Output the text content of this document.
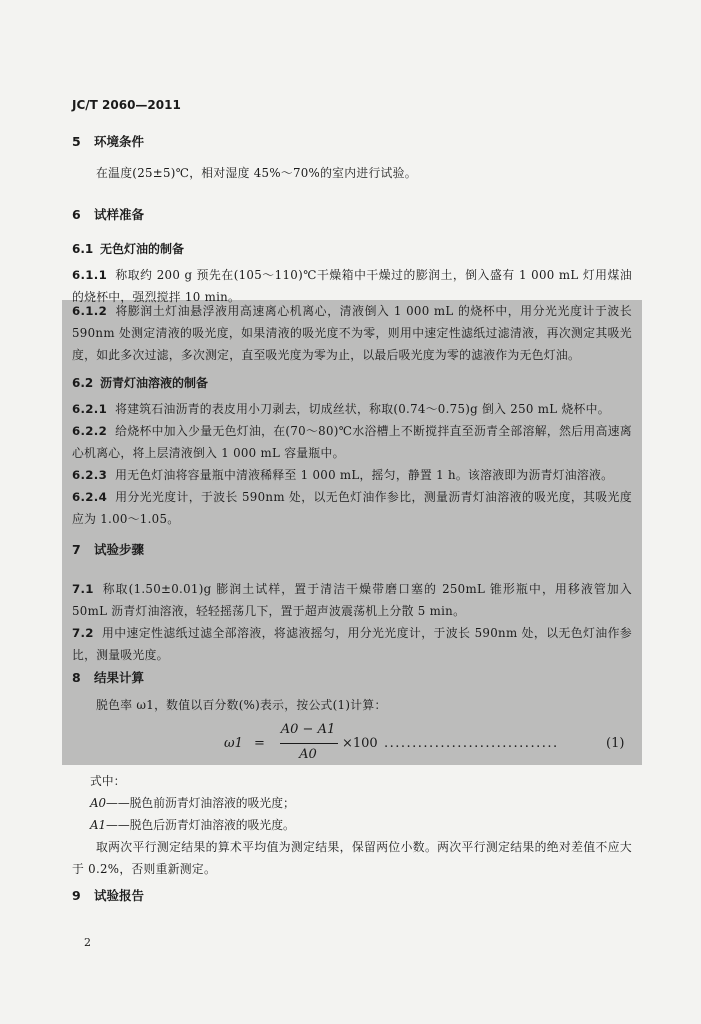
JC/T 2060—2011
5 环境条件
在温度(25±5)℃，相对湿度 45%～70%的室内进行试验。
6 试样准备
6.1 无色灯油的制备
6.1.1 称取约 200 g 预先在(105～110)℃干燥箱中干燥过的膨润土，倒入盛有 1 000 mL 灯用煤油的烧杯中，强烈搅拌 10 min。
6.1.2 将膨润土灯油悬浮液用高速离心机离心，清液倒入 1 000 mL 的烧杯中，用分光光度计于波长 590nm 处测定清液的吸光度，如果清液的吸光度不为零，则用中速定性滤纸过滤清液，再次测定其吸光度，如此多次过滤，多次测定，直至吸光度为零为止，以最后吸光度为零的滤液作为无色灯油。
6.2 沥青灯油溶液的制备
6.2.1 将建筑石油沥青的表皮用小刀剥去，切成丝状，称取(0.74～0.75)g 倒入 250 mL 烧杯中。
6.2.2 给烧杯中加入少量无色灯油，在(70～80)℃水浴槽上不断搅拌直至沥青全部溶解，然后用高速离心机离心，将上层清液倒入 1 000 mL 容量瓶中。
6.2.3 用无色灯油将容量瓶中清液稀释至 1 000 mL，摇匀，静置 1 h。该溶液即为沥青灯油溶液。
6.2.4 用分光光度计，于波长 590nm 处，以无色灯油作参比，测量沥青灯油溶液的吸光度，其吸光度应为 1.00～1.05。
7 试验步骤
7.1 称取(1.50±0.01)g 膨润土试样，置于清洁干燥带磨口塞的 250mL 锥形瓶中，用移液管加入 50mL 沥青灯油溶液，轻轻摇荡几下，置于超声波震荡机上分散 5 min。
7.2 用中速定性滤纸过滤全部溶液，将滤液摇匀，用分光光度计，于波长 590nm 处，以无色灯油作参比，测量吸光度。
8 结果计算
脱色率 ω1，数值以百分数(%)表示，按公式(1)计算：
ω1 =
A0 − A1
A0
×100 ...............................	(1)
式中：
A0——脱色前沥青灯油溶液的吸光度；
A1——脱色后沥青灯油溶液的吸光度。
取两次平行测定结果的算术平均值为测定结果，保留两位小数。两次平行测定结果的绝对差值不应大于 0.2%，否则重新测定。
9 试验报告
2
